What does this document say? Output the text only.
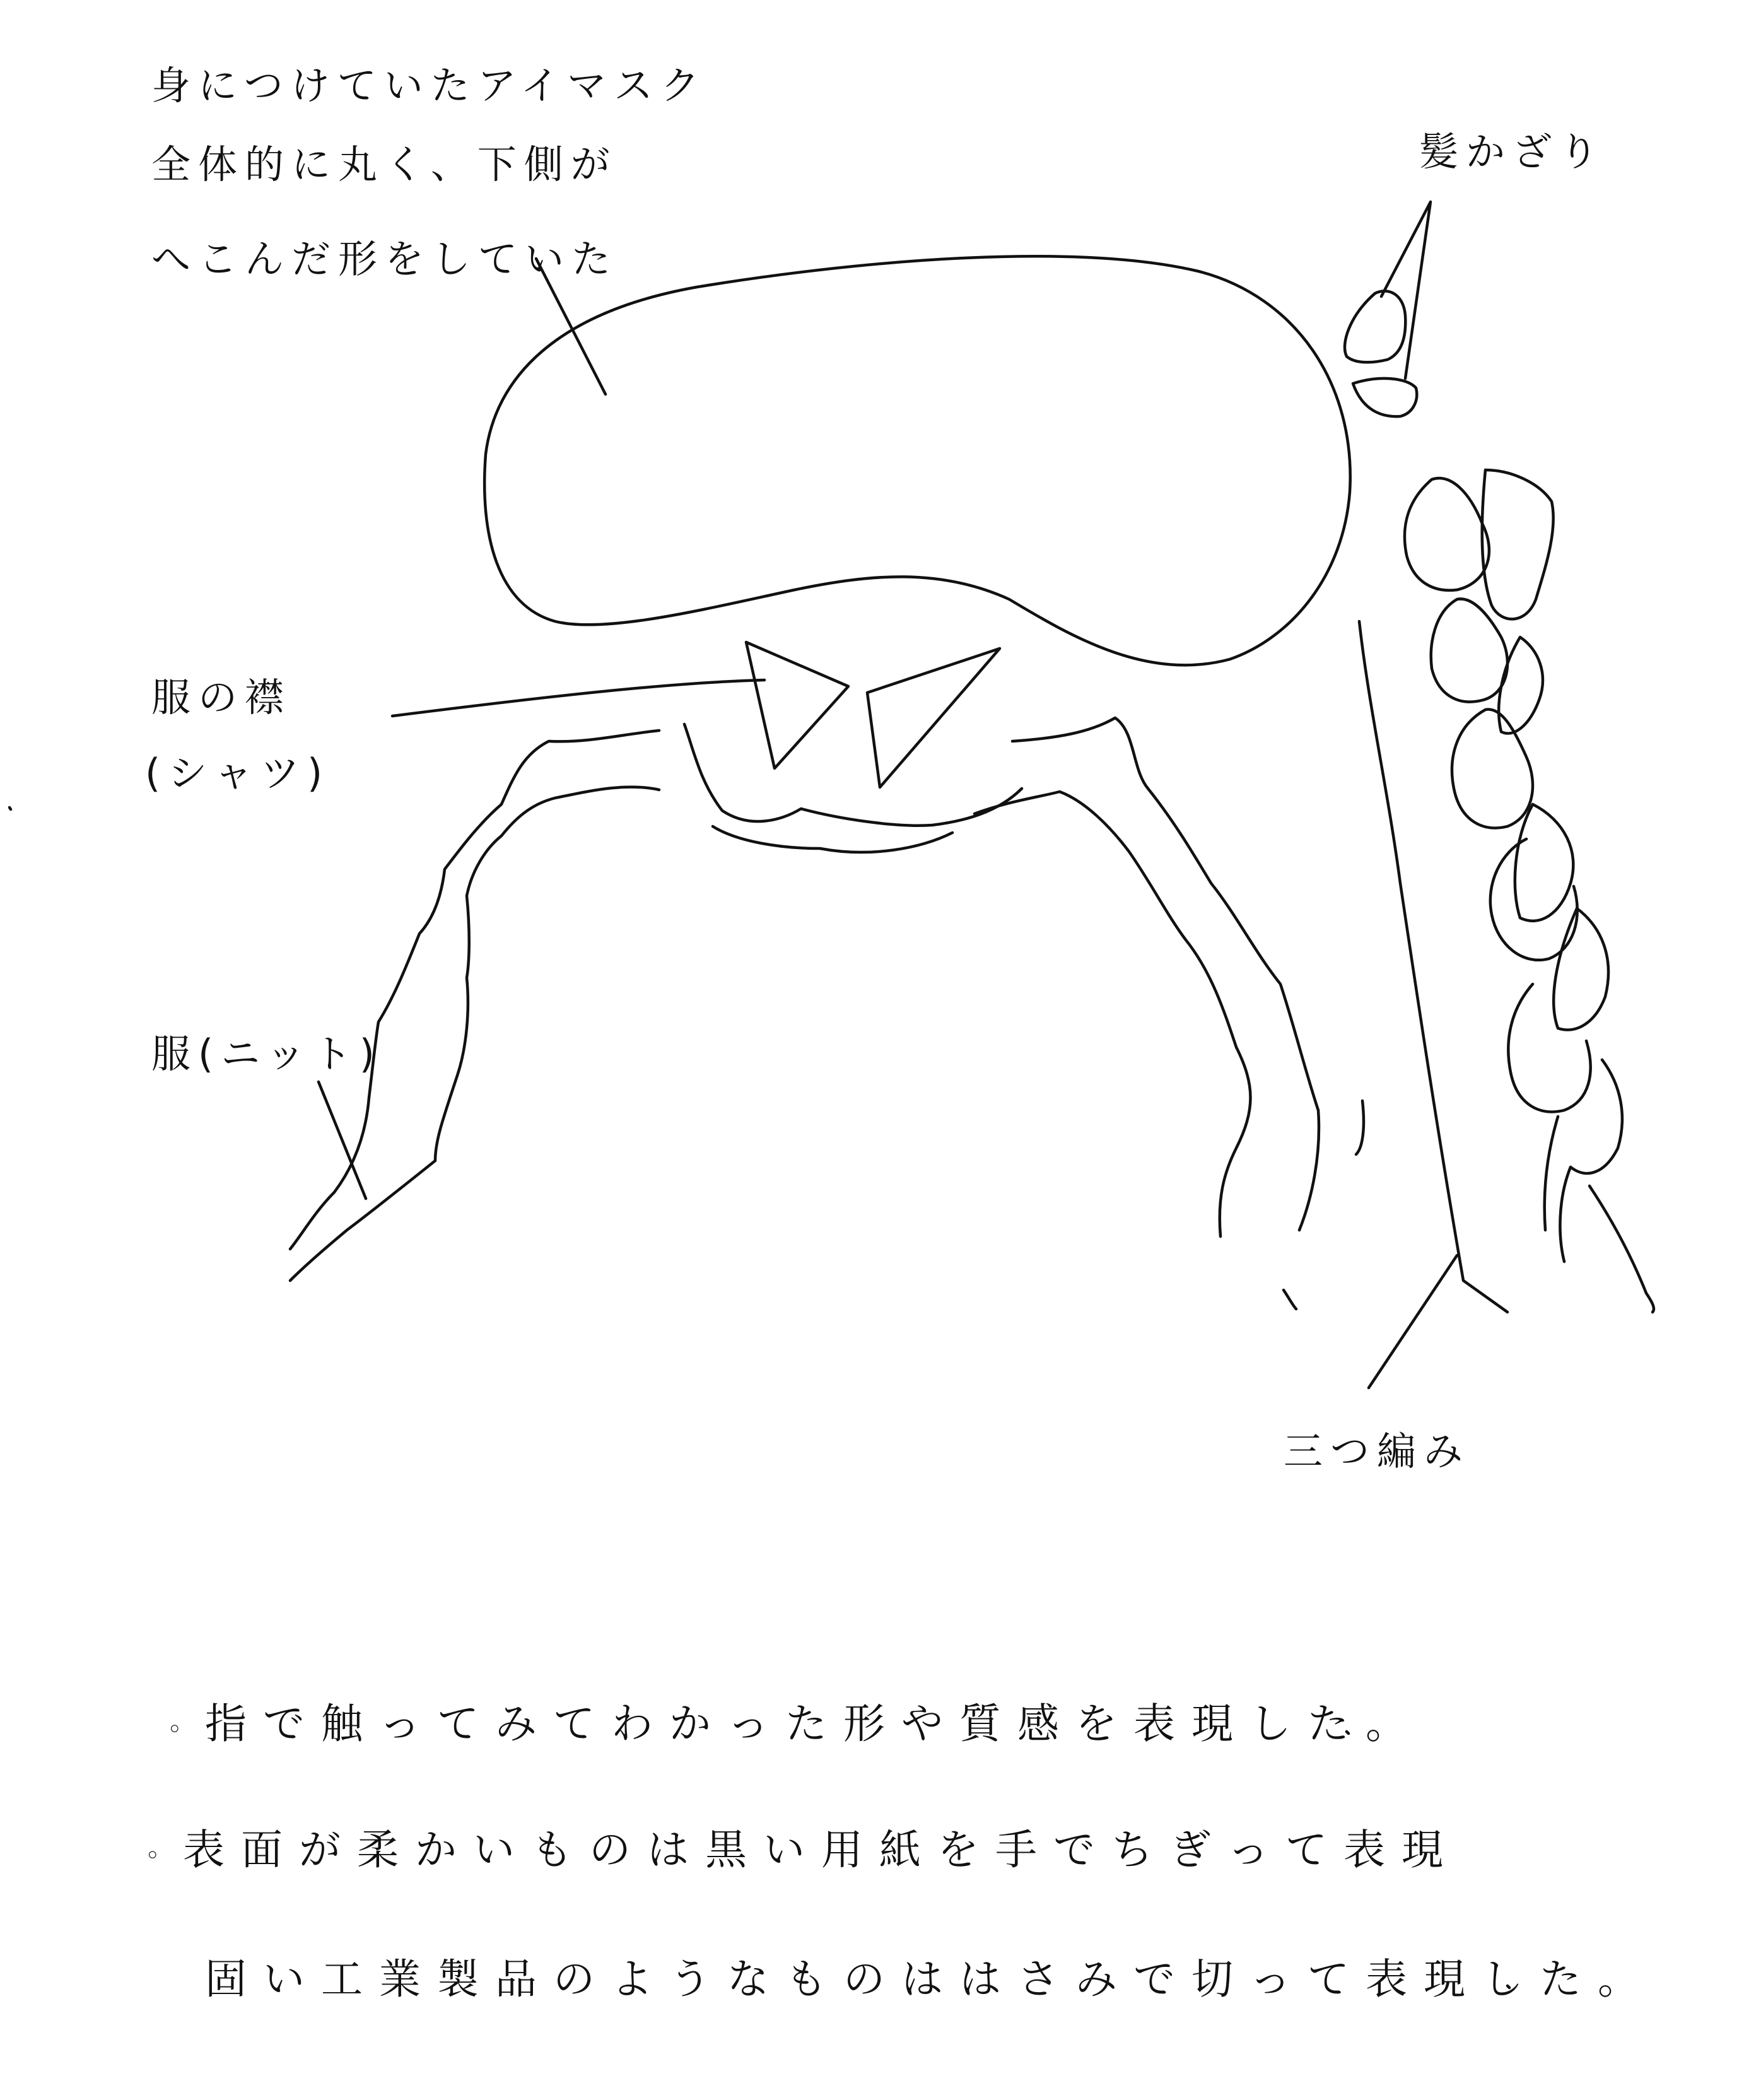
身につけていたアイマスク

全体的に丸く、下側が

へこんだ形をしていた

髪かざり

服の襟

(シャツ)

服(ニット)

三つ編み

◦ 指で触ってみてわかった形や質感を表現した。

◦ 表面が柔かいものは黒い用紙を手でちぎって表現

固い工業製品のようなものははさみで切って表現した。
